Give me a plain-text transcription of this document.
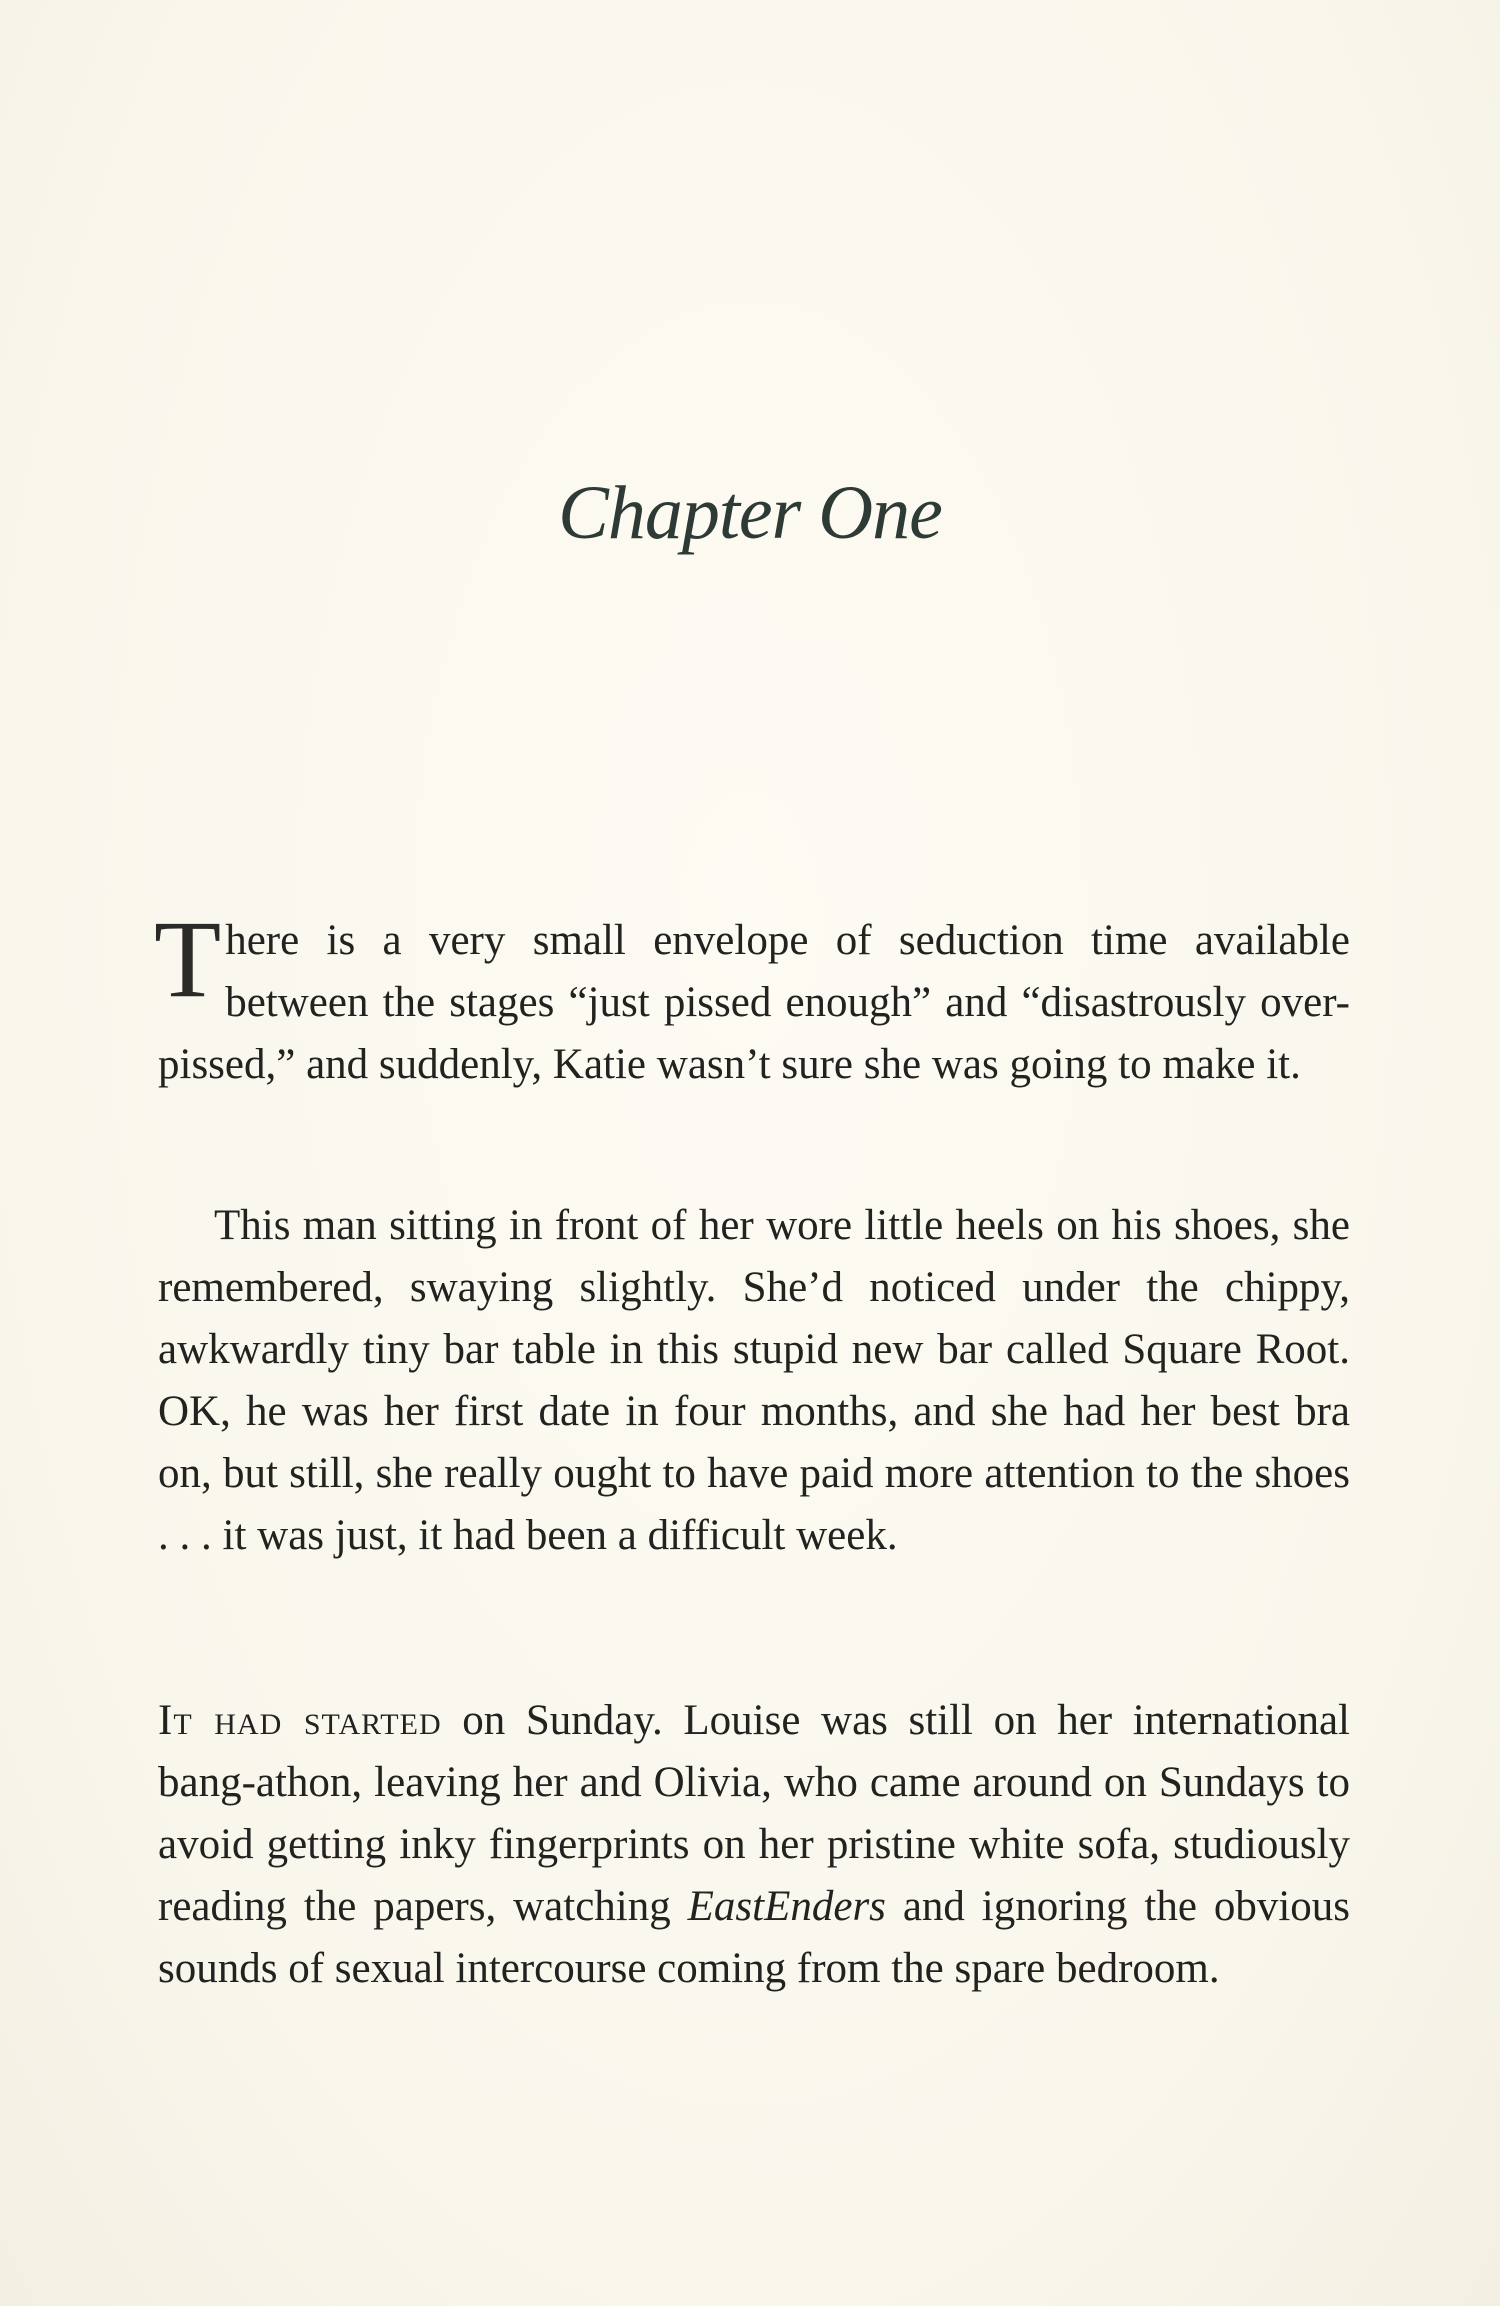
Chapter One

There is a very small envelope of seduction time available between the stages “just pissed enough” and “disastrously over-pissed,” and suddenly, Katie wasn’t sure she was going to make it.

This man sitting in front of her wore little heels on his shoes, she remembered, swaying slightly. She’d noticed under the chippy, awkwardly tiny bar table in this stupid new bar called Square Root. OK, he was her first date in four months, and she had her best bra on, but still, she really ought to have paid more attention to the shoes . . . it was just, it had been a difficult week.

It had started on Sunday. Louise was still on her international bang-athon, leaving her and Olivia, who came around on Sundays to avoid getting inky fingerprints on her pristine white sofa, studiously reading the papers, watching EastEnders and ignoring the obvious sounds of sexual intercourse coming from the spare bedroom.
